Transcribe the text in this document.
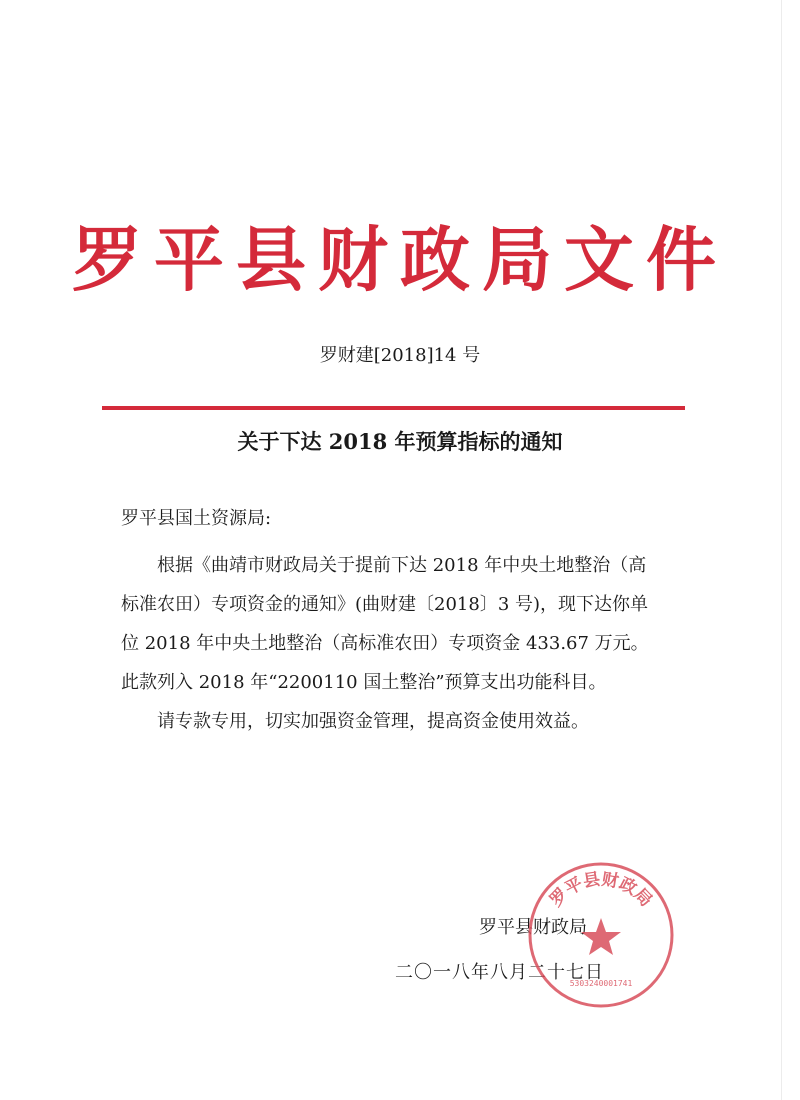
罗平县财政局文件
罗财建[2018]14 号
关于下达 2018 年预算指标的通知
罗平县国土资源局:

根据《曲靖市财政局关于提前下达 2018 年中央土地整治（高标准农田）专项资金的通知》(曲财建〔2018〕3 号)，现下达你单位 2018 年中央土地整治（高标准农田）专项资金 433.67 万元。此款列入 2018 年“2200110 国土整治”预算支出功能科目。

请专款专用，切实加强资金管理，提高资金使用效益。

罗平县财政局
二〇一八年八月二十七日
罗平县财政局
5303240001741
